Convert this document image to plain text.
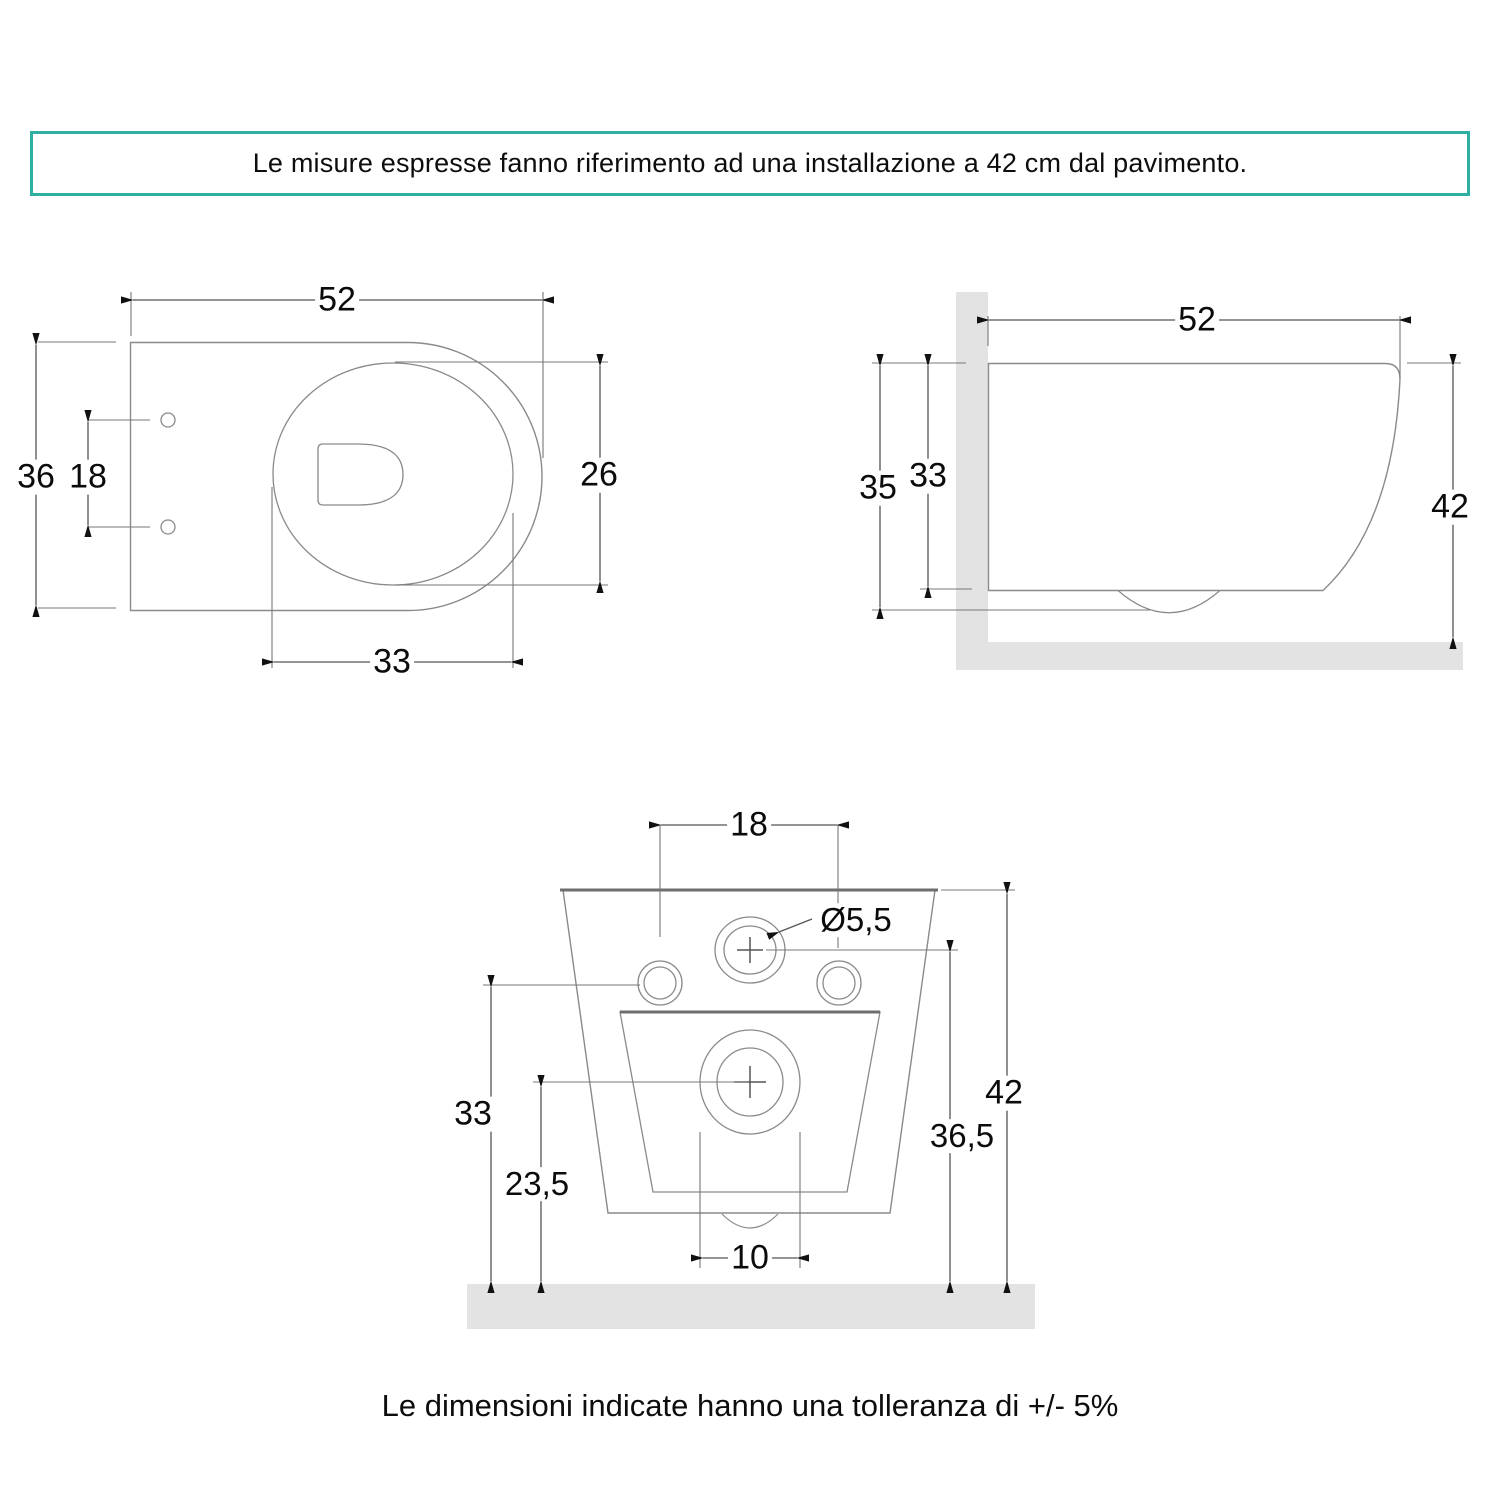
Le misure espresse fanno riferimento ad una installazione a 42 cm dal pavimento.
52
36 18	26
33
52
35 33
42
18
Ø5,5
33
23,5
10
36,5
42
Le dimensioni indicate hanno una tolleranza di +/- 5%
